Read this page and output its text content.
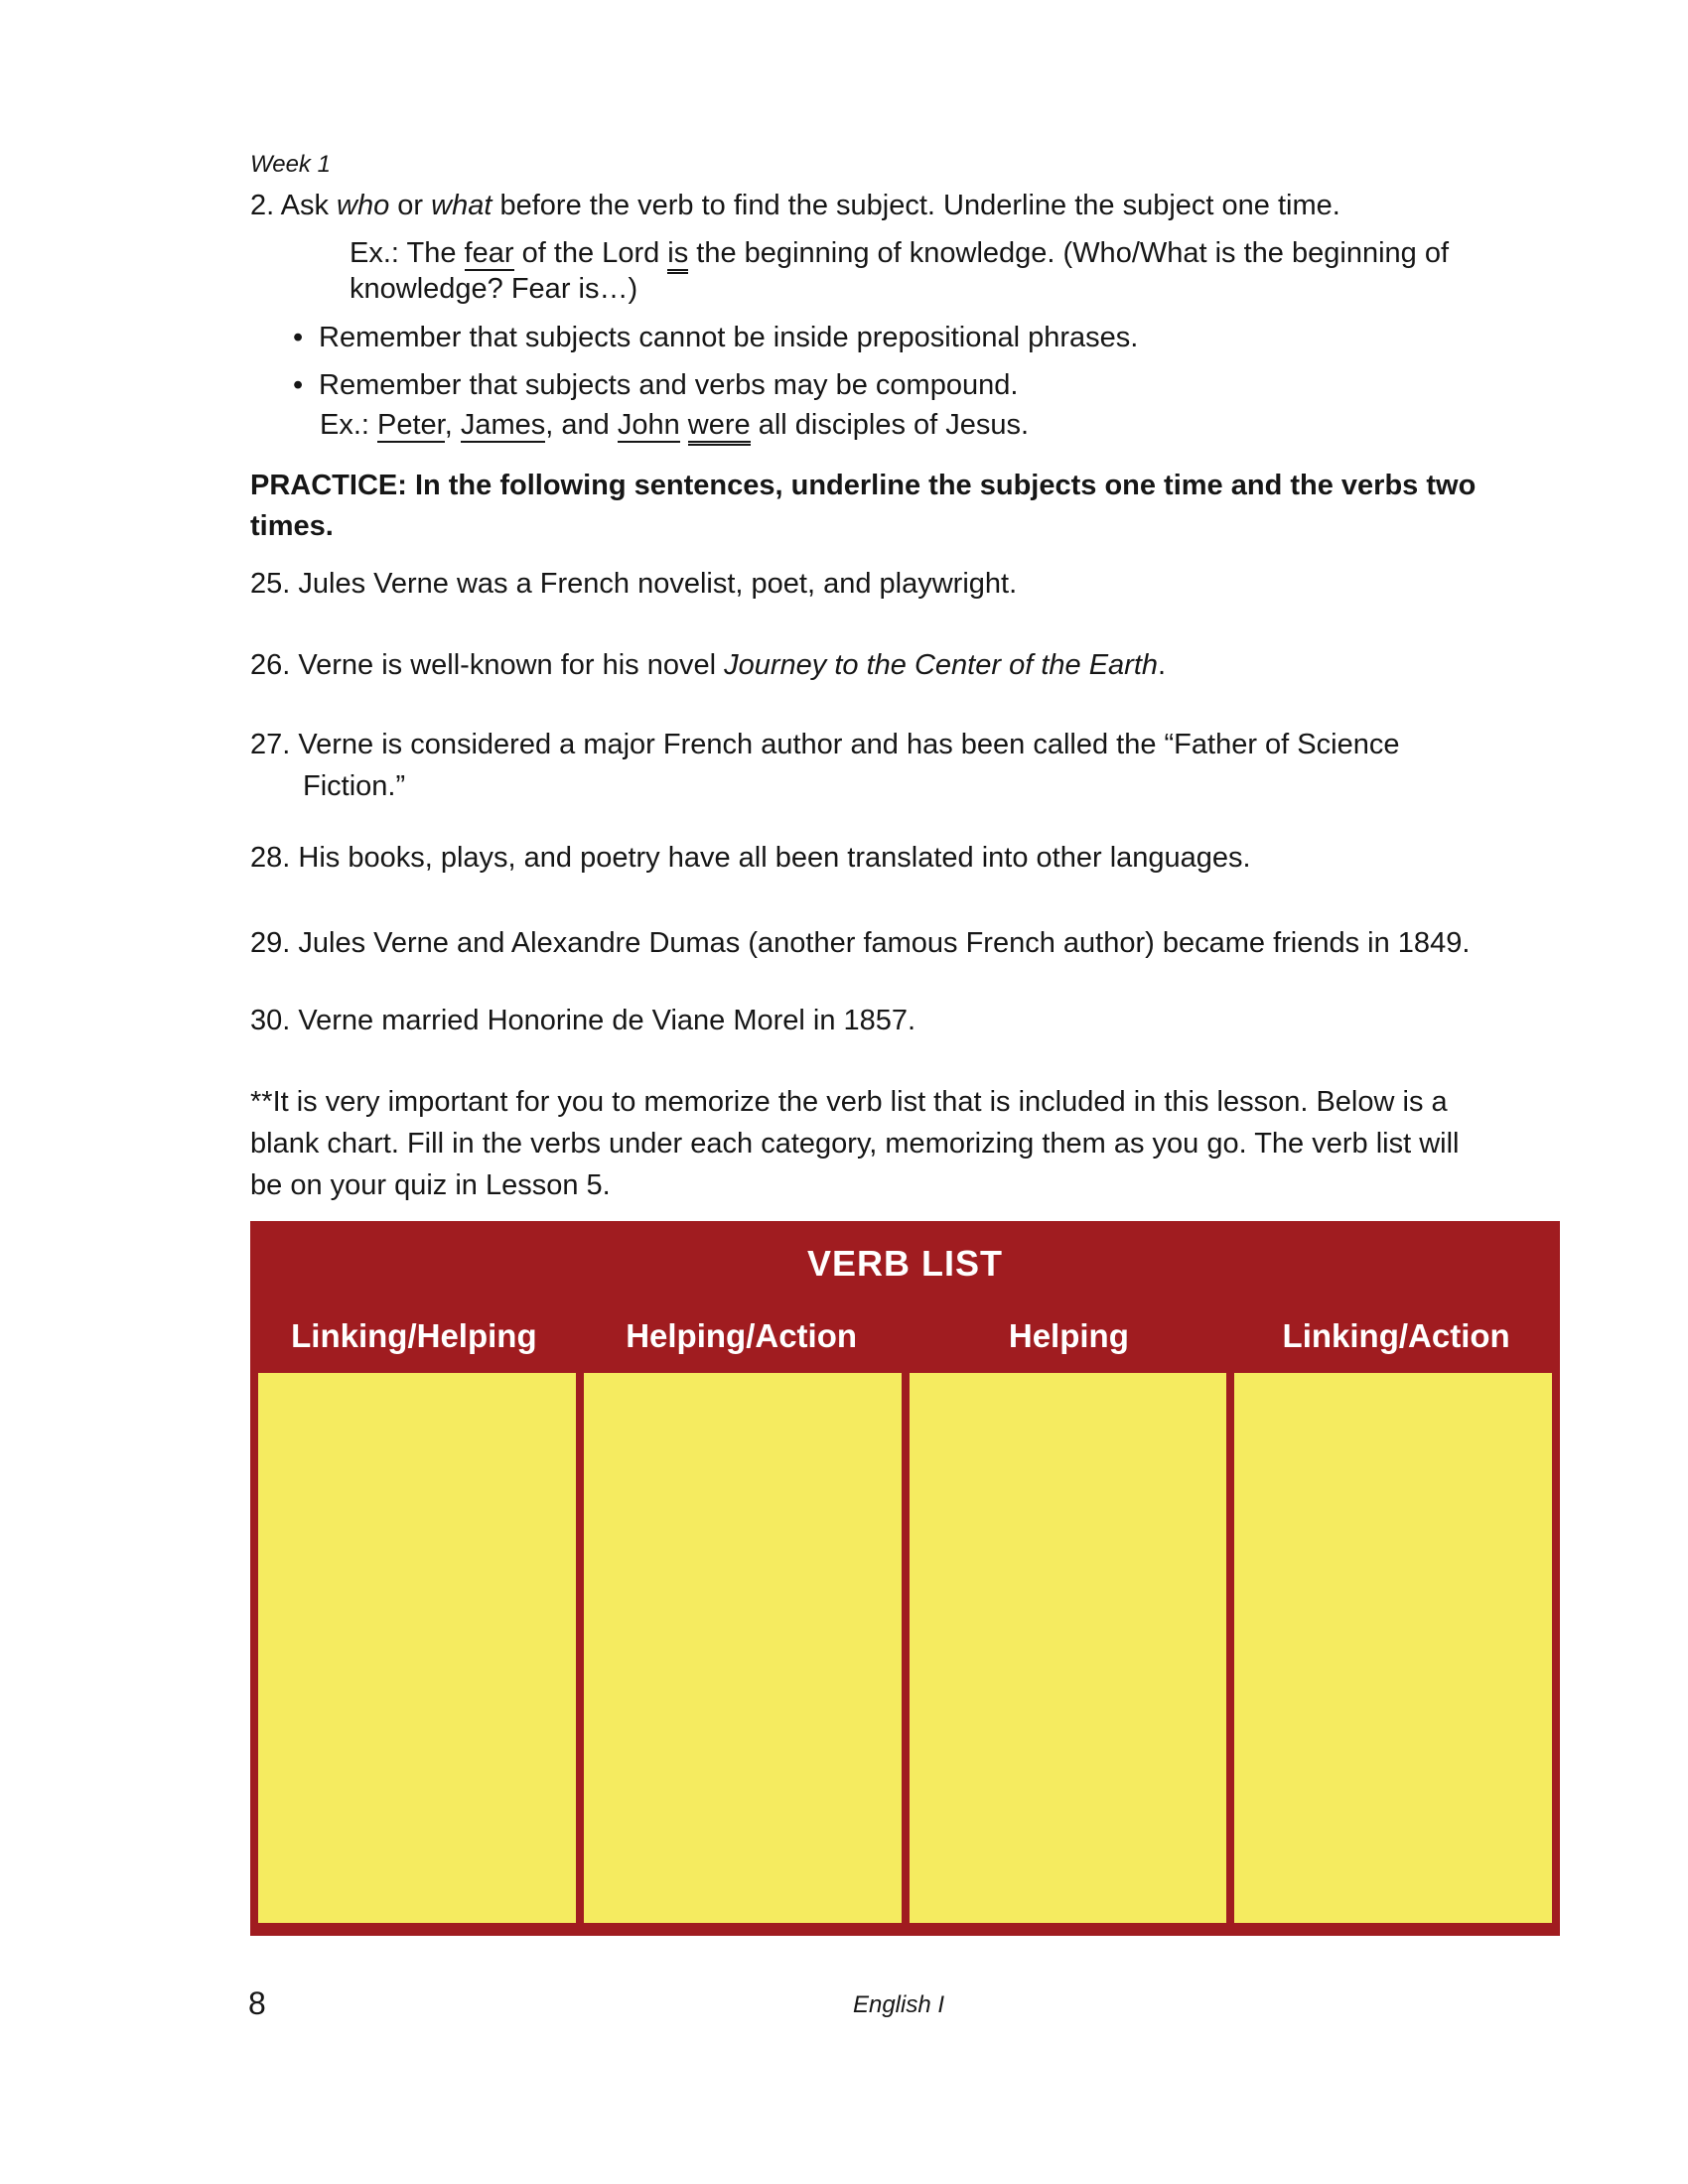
Week 1
2. Ask who or what before the verb to find the subject. Underline the subject one time.
Ex.: The fear of the Lord is the beginning of knowledge. (Who/What is the beginning of
knowledge? Fear is…)
• Remember that subjects cannot be inside prepositional phrases.
• Remember that subjects and verbs may be compound.
Ex.: Peter, James, and John were all disciples of Jesus.
PRACTICE: In the following sentences, underline the subjects one time and the verbs two
times.
25. Jules Verne was a French novelist, poet, and playwright.
26. Verne is well-known for his novel Journey to the Center of the Earth.
27. Verne is considered a major French author and has been called the “Father of Science
Fiction.”
28. His books, plays, and poetry have all been translated into other languages.
29. Jules Verne and Alexandre Dumas (another famous French author) became friends in 1849.
30. Verne married Honorine de Viane Morel in 1857.
**It is very important for you to memorize the verb list that is included in this lesson. Below is a
blank chart. Fill in the verbs under each category, memorizing them as you go. The verb list will
be on your quiz in Lesson 5.
VERB LIST
Linking/Helping	Helping/Action	Helping	Linking/Action
8	English I
